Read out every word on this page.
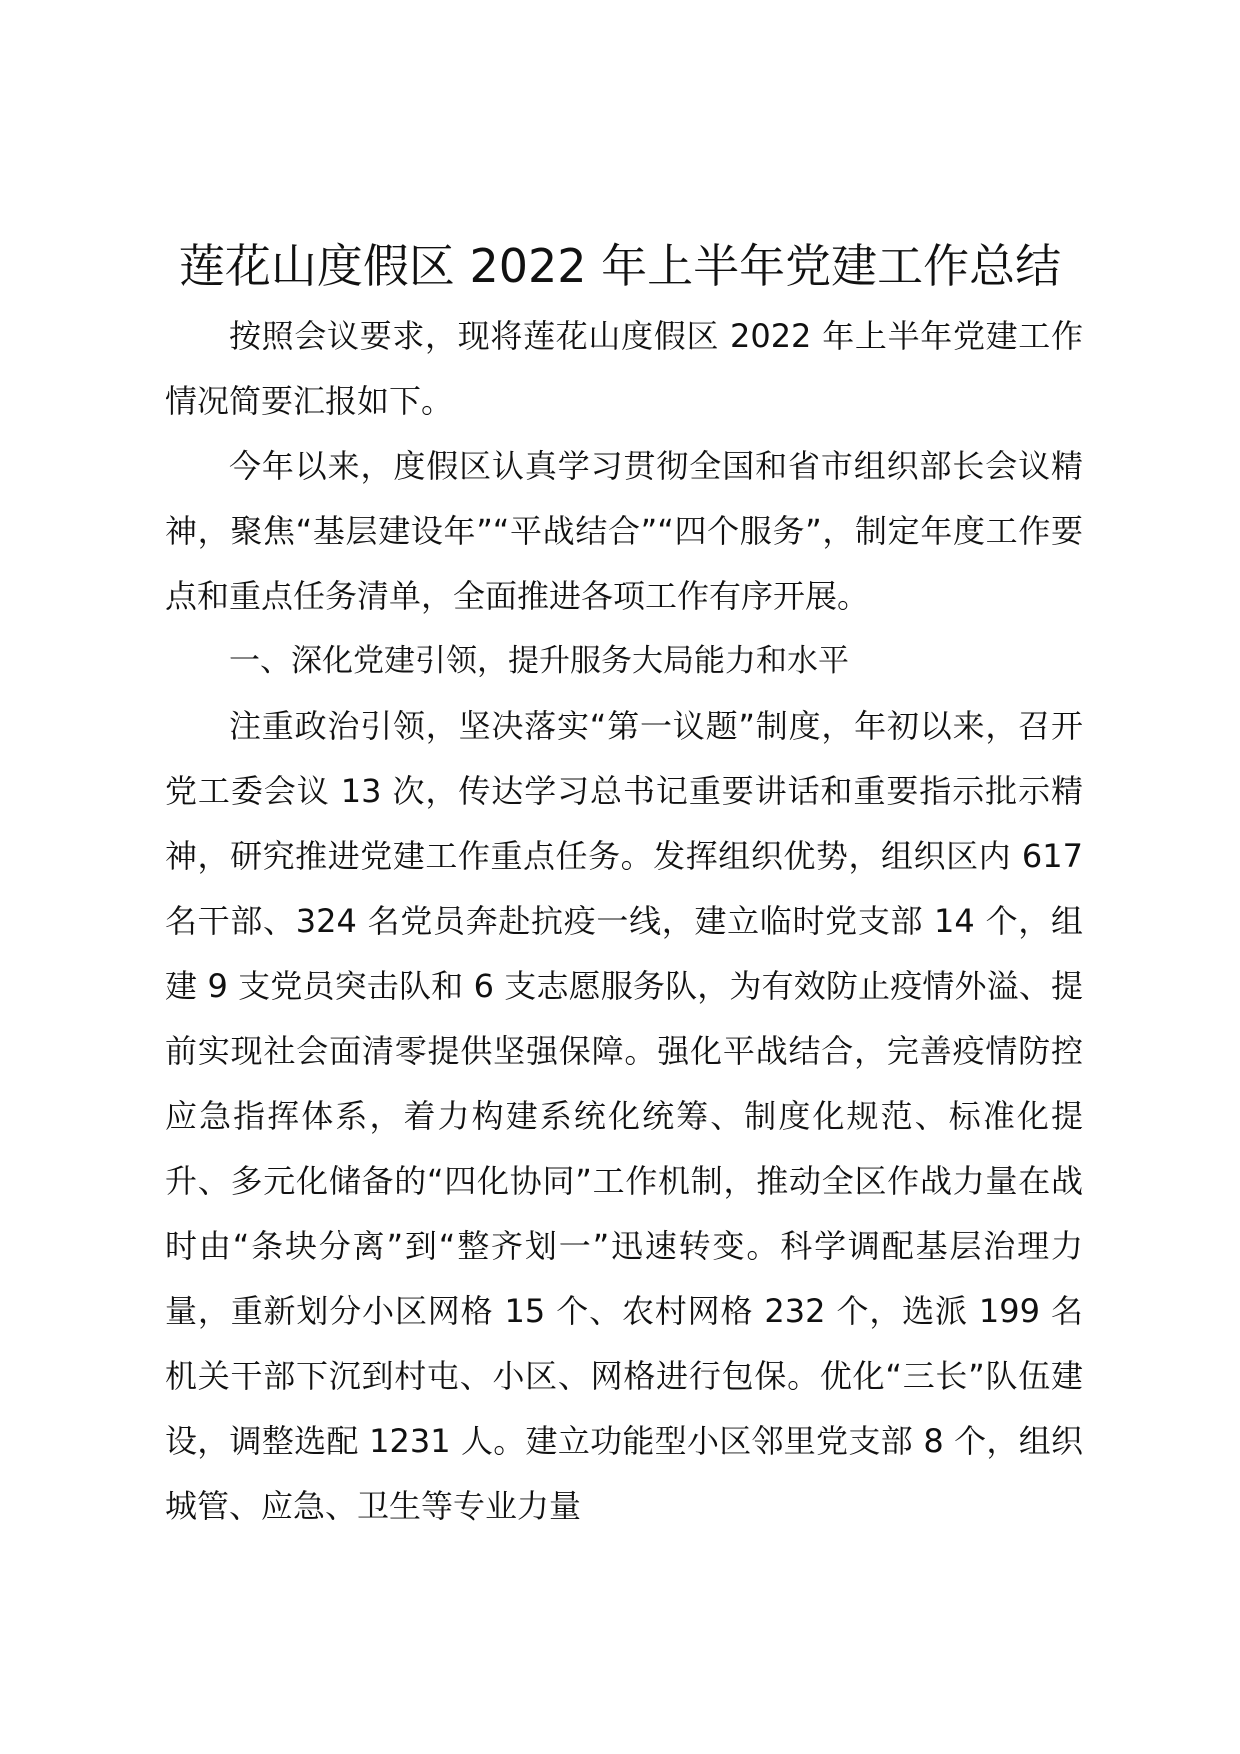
莲花山度假区 2022 年上半年党建工作总结

按照会议要求，现将莲花山度假区 2022 年上半年党建工作情况简要汇报如下。

今年以来，度假区认真学习贯彻全国和省市组织部长会议精神，聚焦“基层建设年”“平战结合”“四个服务”，制定年度工作要点和重点任务清单，全面推进各项工作有序开展。

一、深化党建引领，提升服务大局能力和水平

注重政治引领，坚决落实“第一议题”制度，年初以来，召开党工委会议 13 次，传达学习总书记重要讲话和重要指示批示精神，研究推进党建工作重点任务。发挥组织优势，组织区内 617 名干部、324 名党员奔赴抗疫一线，建立临时党支部 14 个，组建 9 支党员突击队和 6 支志愿服务队，为有效防止疫情外溢、提前实现社会面清零提供坚强保障。强化平战结合，完善疫情防控应急指挥体系，着力构建系统化统筹、制度化规范、标准化提升、多元化储备的“四化协同”工作机制，推动全区作战力量在战时由“条块分离”到“整齐划一”迅速转变。科学调配基层治理力量，重新划分小区网格 15 个、农村网格 232 个，选派 199 名机关干部下沉到村屯、小区、网格进行包保。优化“三长”队伍建设，调整选配 1231 人。建立功能型小区邻里党支部 8 个，组织城管、应急、卫生等专业力量
